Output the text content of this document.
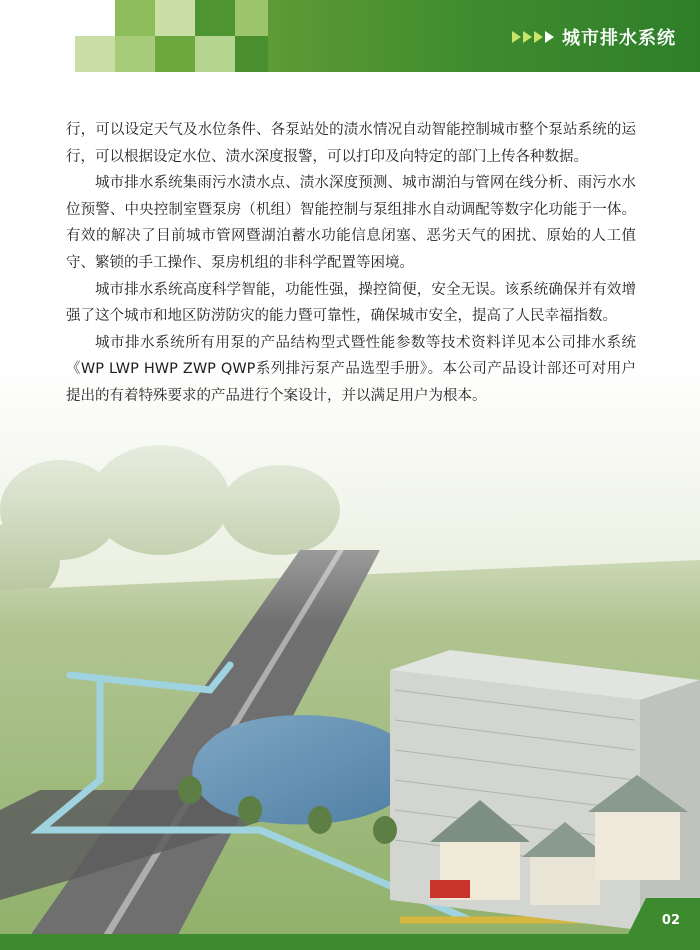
城市排水系统

行，可以设定天气及水位条件、各泵站处的渍水情况自动智能控制城市整个泵站系统的运行，可以根据设定水位、渍水深度报警，可以打印及向特定的部门上传各种数据。

城市排水系统集雨污水渍水点、渍水深度预测、城市湖泊与管网在线分析、雨污水水位预警、中央控制室暨泵房（机组）智能控制与泵组排水自动调配等数字化功能于一体。有效的解决了目前城市管网暨湖泊蓄水功能信息闭塞、恶劣天气的困扰、原始的人工值守、繁锁的手工操作、泵房机组的非科学配置等困境。

城市排水系统高度科学智能，功能性强，操控简便，安全无误。该系统确保并有效增强了这个城市和地区防涝防灾的能力暨可靠性，确保城市安全，提高了人民幸福指数。

城市排水系统所有用泵的产品结构型式暨性能参数等技术资料详见本公司排水系统《WP LWP HWP ZWP QWP系列排污泵产品选型手册》。本公司产品设计部还可对用户提出的有着特殊要求的产品进行个案设计，并以满足用户为根本。

02
